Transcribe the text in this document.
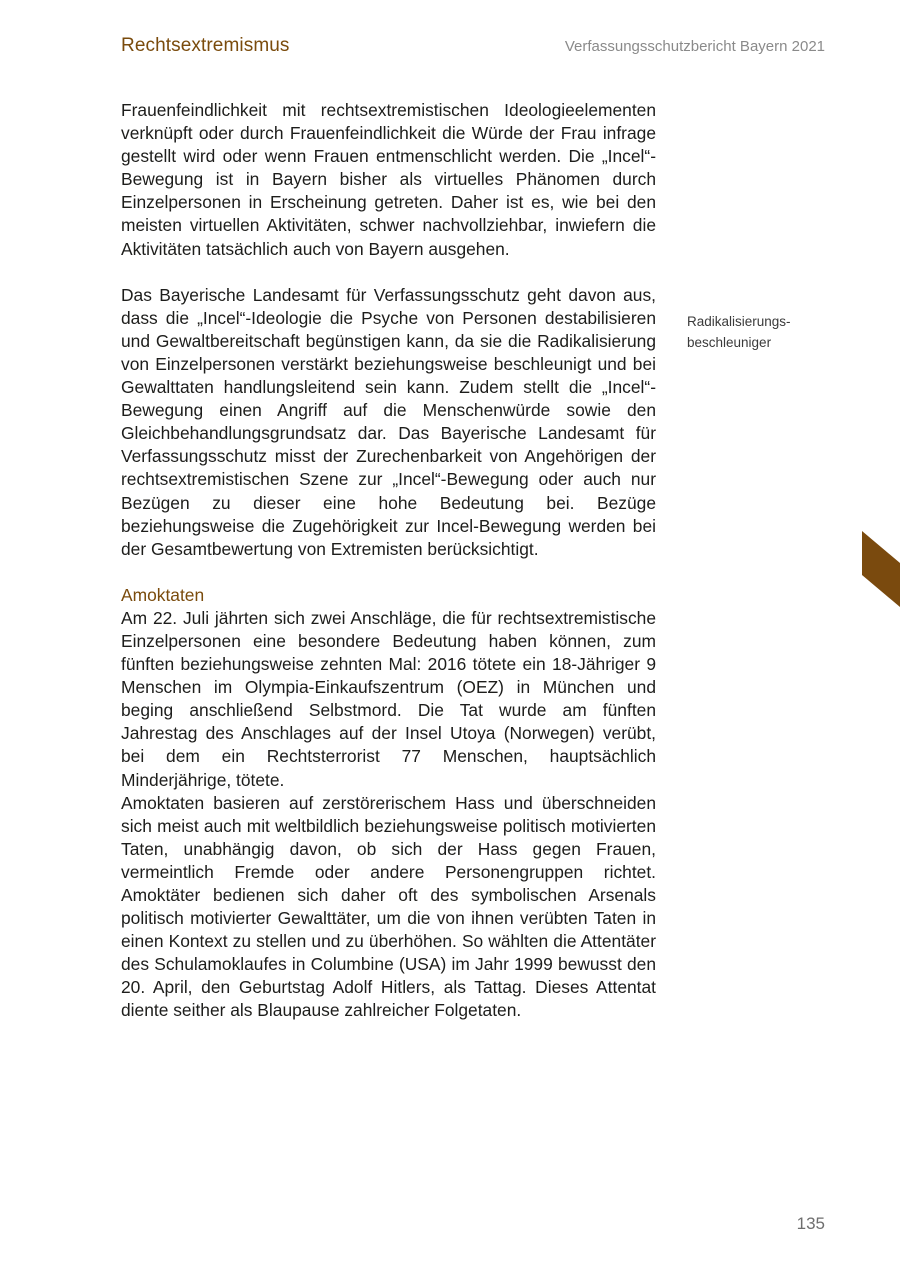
Rechtsextremismus	Verfassungsschutzbericht Bayern 2021

Frauenfeindlichkeit mit rechtsextremistischen Ideologieelementen verknüpft oder durch Frauenfeindlichkeit die Würde der Frau infrage gestellt wird oder wenn Frauen entmenschlicht werden. Die „Incel“-Bewegung ist in Bayern bisher als virtuelles Phänomen durch Einzelpersonen in Erscheinung getreten. Daher ist es, wie bei den meisten virtuellen Aktivitäten, schwer nachvollziehbar, inwiefern die Aktivitäten tatsächlich auch von Bayern ausgehen.

Das Bayerische Landesamt für Verfassungsschutz geht davon aus, dass die „Incel“-Ideologie die Psyche von Personen destabilisieren und Gewaltbereitschaft begünstigen kann, da sie die Radikalisierung von Einzelpersonen verstärkt beziehungsweise beschleunigt und bei Gewalttaten handlungsleitend sein kann. Zudem stellt die „Incel“-Bewegung einen Angriff auf die Menschenwürde sowie den Gleichbehandlungsgrundsatz dar. Das Bayerische Landesamt für Verfassungsschutz misst der Zurechenbarkeit von Angehörigen der rechtsextremistischen Szene zur „Incel“-Bewegung oder auch nur Bezügen zu dieser eine hohe Bedeutung bei. Bezüge beziehungsweise die Zugehörigkeit zur Incel-Bewegung werden bei der Gesamtbewertung von Extremisten berücksichtigt.

Amoktaten

Am 22. Juli jährten sich zwei Anschläge, die für rechtsextremistische Einzelpersonen eine besondere Bedeutung haben können, zum fünften beziehungsweise zehnten Mal: 2016 tötete ein 18-Jähriger 9 Menschen im Olympia-Einkaufszentrum (OEZ) in München und beging anschließend Selbstmord. Die Tat wurde am fünften Jahrestag des Anschlages auf der Insel Utoya (Norwegen) verübt, bei dem ein Rechtsterrorist 77 Menschen, hauptsächlich Minderjährige, tötete.

Amoktaten basieren auf zerstörerischem Hass und überschneiden sich meist auch mit weltbildlich beziehungsweise politisch motivierten Taten, unabhängig davon, ob sich der Hass gegen Frauen, vermeintlich Fremde oder andere Personengruppen richtet. Amoktäter bedienen sich daher oft des symbolischen Arsenals politisch motivierter Gewalttäter, um die von ihnen verübten Taten in einen Kontext zu stellen und zu überhöhen. So wählten die Attentäter des Schulamoklaufes in Columbine (USA) im Jahr 1999 bewusst den 20. April, den Geburtstag Adolf Hitlers, als Tattag. Dieses Attentat diente seither als Blaupause zahlreicher Folgetaten.

Radikalisierungs-
beschleuniger
135
